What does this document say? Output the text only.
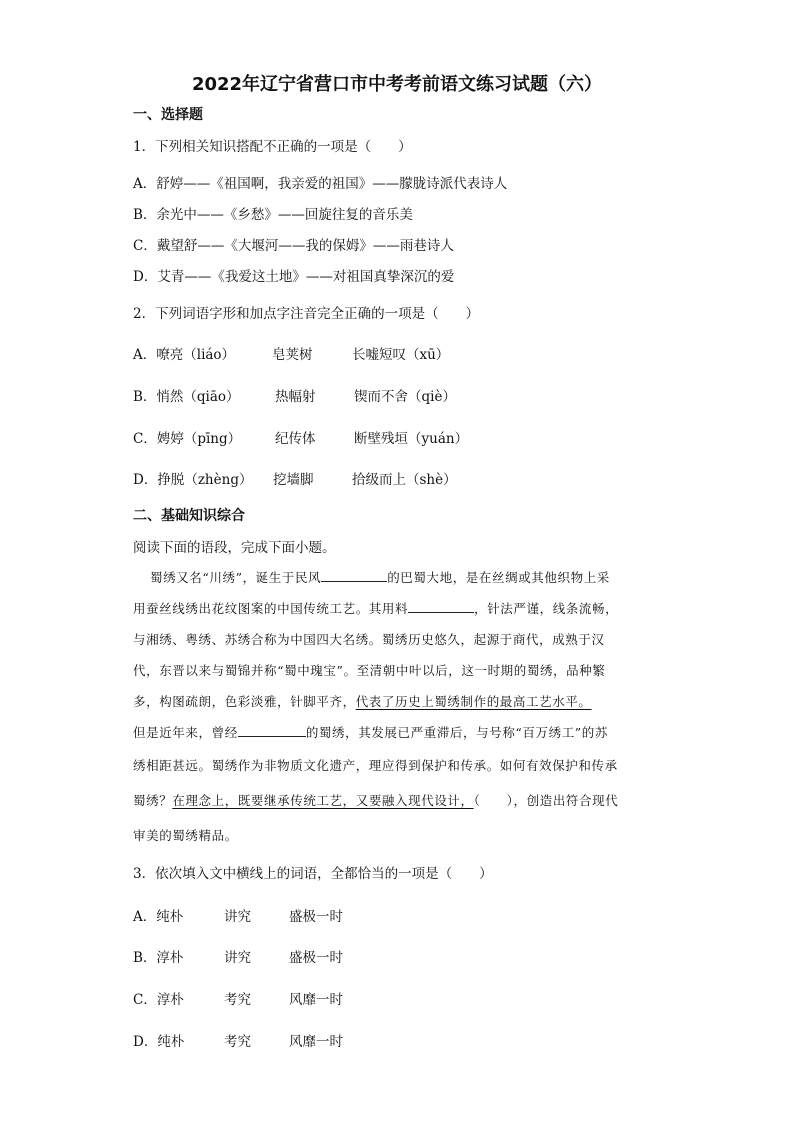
2022年辽宁省营口市中考考前语文练习试题（六）
一、选择题
1．下列相关知识搭配不正确的一项是（　　）
A．舒婷——《祖国啊，我亲爱的祖国》——朦胧诗派代表诗人
B．余光中——《乡愁》——回旋往复的音乐美
C．戴望舒——《大堰河——我的保姆》——雨巷诗人
D．艾青——《我爱这土地》——对祖国真挚深沉的爱
2．下列词语字形和加点字注音完全正确的一项是（　　）
A．嘹亮（liáo）	皂荚树	长嘘短叹（xū）
B．悄然（qiāo）	热幅射	锲而不舍（qiè）
C．娉婷（pīng）	纪传体	断壁残垣（yuán）
D．挣脱（zhèng） 挖墙脚	拾级而上（shè）
二、基础知识综合
阅读下面的语段，完成下面小题。
蜀绣又名“川绣”，诞生于民风	的巴蜀大地，是在丝绸或其他织物上采
用蚕丝线绣出花纹图案的中国传统工艺。其用料	，针法严谨，线条流畅，
与湘绣、粤绣、苏绣合称为中国四大名绣。蜀绣历史悠久，起源于商代，成熟于汉
代，东晋以来与蜀锦并称“蜀中瑰宝”。至清朝中叶以后，这一时期的蜀绣，品种繁
多，构图疏朗，色彩淡雅，针脚平齐，代表了历史上蜀绣制作的最高工艺水平。
但是近年来，曾经	的蜀绣，其发展已严重滞后，与号称“百万绣工”的苏
绣相距甚远。蜀绣作为非物质文化遗产，理应得到保护和传承。如何有效保护和传承
蜀绣？在理念上，既要继承传统工艺，又要融入现代设计，（　　），创造出符合现代
审美的蜀绣精品。
3．依次填入文中横线上的词语，全都恰当的一项是（　　）
A．纯朴	讲究	盛极一时
B．淳朴	讲究	盛极一时
C．淳朴	考究	风靡一时
D．纯朴	考究	风靡一时
